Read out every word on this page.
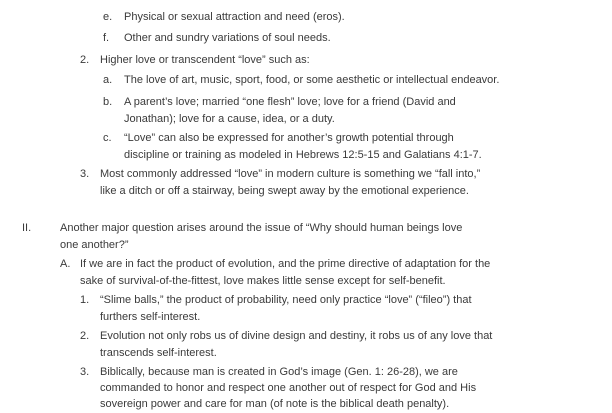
e. Physical or sexual attraction and need (eros).
f. Other and sundry variations of soul needs.
2. Higher love or transcendent “love” such as:
a. The love of art, music, sport, food, or some aesthetic or intellectual endeavor.
b. A parent’s love; married “one flesh” love; love for a friend (David and
Jonathan); love for a cause, idea, or a duty.
c. “Love” can also be expressed for another’s growth potential through
discipline or training as modeled in Hebrews 12:5-15 and Galatians 4:1-7.
3. Most commonly addressed “love” in modern culture is something we “fall into,”
like a ditch or off a stairway, being swept away by the emotional experience.
II.	Another major question arises around the issue of “Why should human beings love
one another?”
A. If we are in fact the product of evolution, and the prime directive of adaptation for the
sake of survival-of-the-fittest, love makes little sense except for self-benefit.
1. “Slime balls,” the product of probability, need only practice “love” (“fileo”) that
furthers self-interest.
2. Evolution not only robs us of divine design and destiny, it robs us of any love that
transcends self-interest.
3. Biblically, because man is created in God’s image (Gen. 1: 26-28), we are
commanded to honor and respect one another out of respect for God and His
sovereign power and care for man (of note is the biblical death penalty).
